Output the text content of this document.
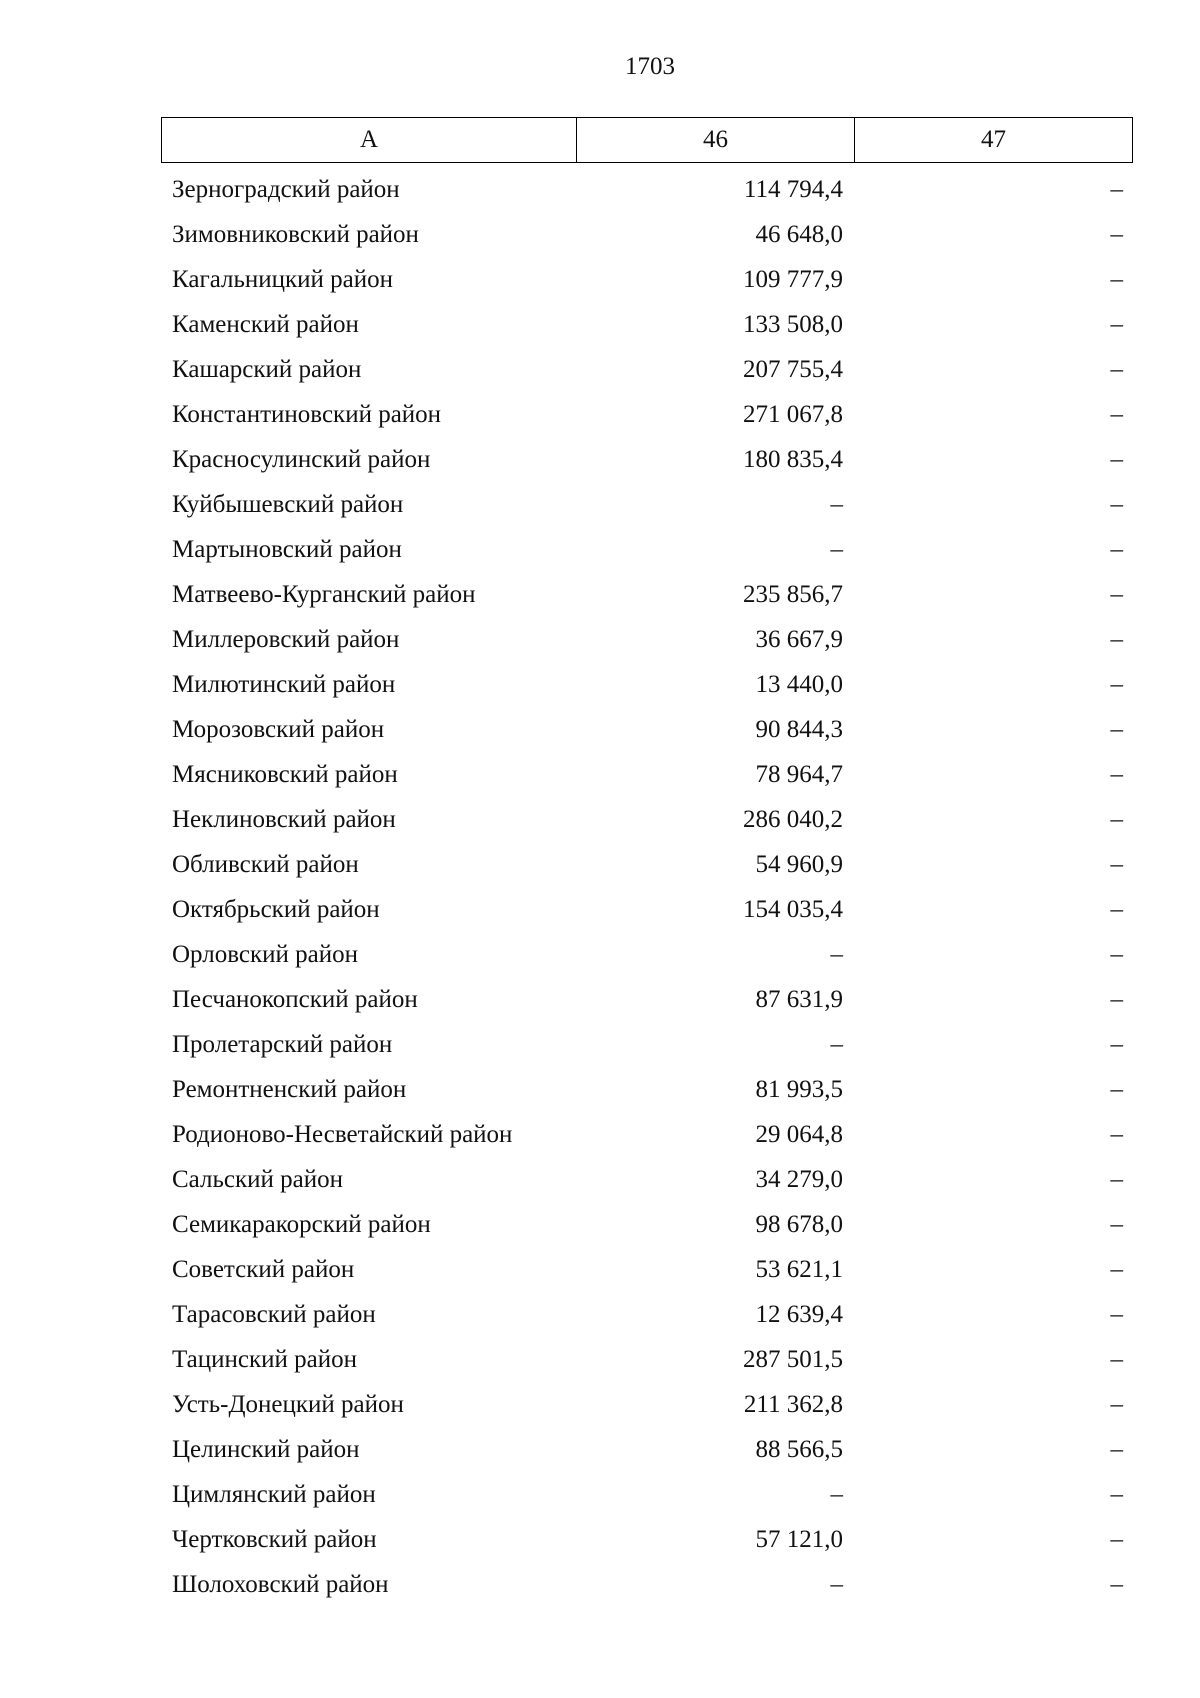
1703
А	46	47
Зерноградский район	114 794,4	–
Зимовниковский район	46 648,0	–
Кагальницкий район	109 777,9	–
Каменский район	133 508,0	–
Кашарский район	207 755,4	–
Константиновский район	271 067,8	–
Красносулинский район	180 835,4	–
Куйбышевский район	–	–
Мартыновский район	–	–
Матвеево-Курганский район	235 856,7	–
Миллеровский район	36 667,9	–
Милютинский район	13 440,0	–
Морозовский район	90 844,3	–
Мясниковский район	78 964,7	–
Неклиновский район	286 040,2	–
Обливский район	54 960,9	–
Октябрьский район	154 035,4	–
Орловский район	–	–
Песчанокопский район	87 631,9	–
Пролетарский район	–	–
Ремонтненский район	81 993,5	–
Родионово-Несветайский район	29 064,8	–
Сальский район	34 279,0	–
Семикаракорский район	98 678,0	–
Советский район	53 621,1	–
Тарасовский район	12 639,4	–
Тацинский район	287 501,5	–
Усть-Донецкий район	211 362,8	–
Целинский район	88 566,5	–
Цимлянский район	–	–
Чертковский район	57 121,0	–
Шолоховский район	–	–
